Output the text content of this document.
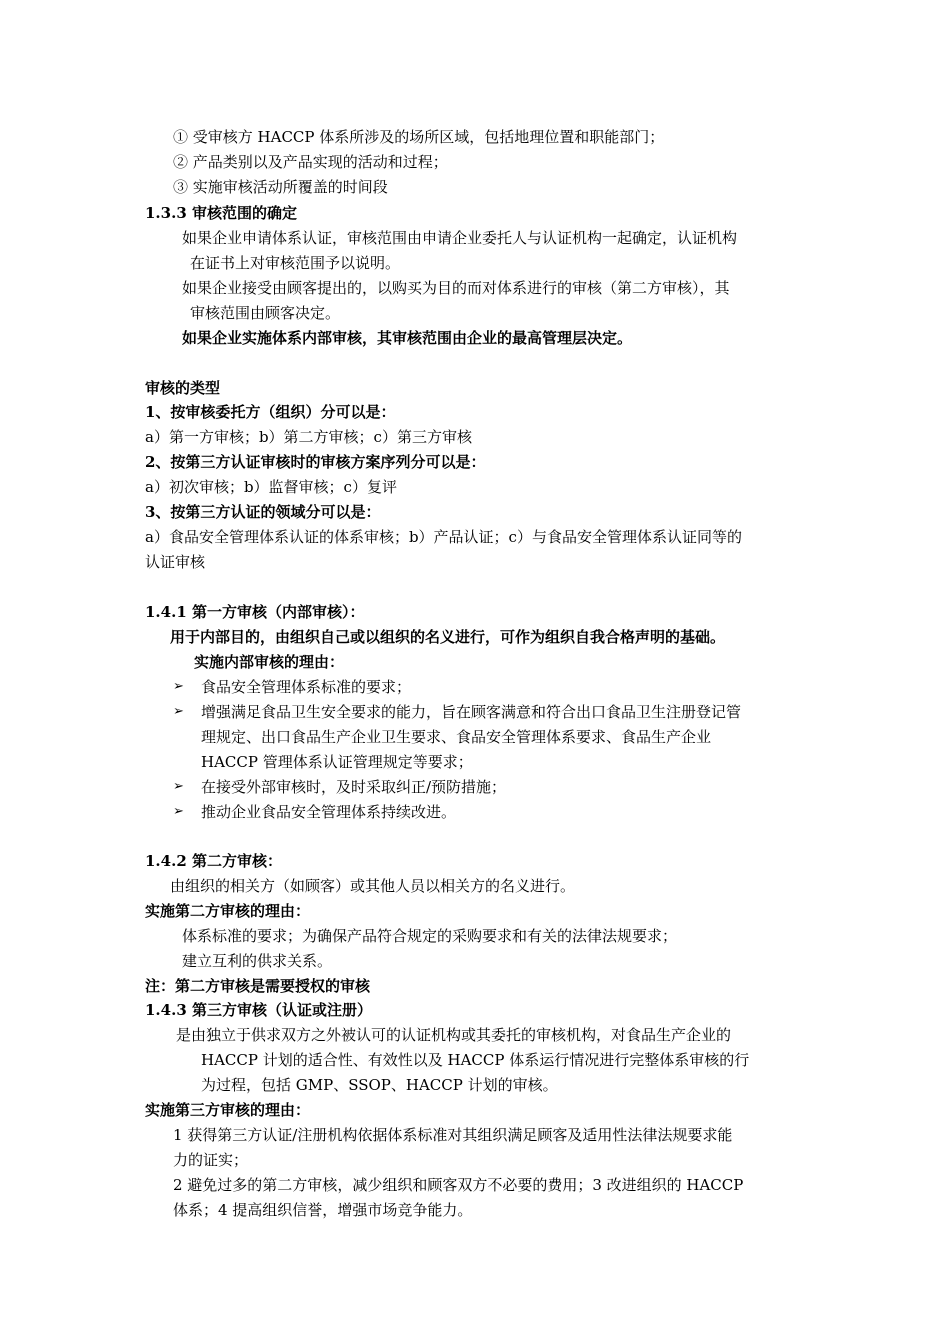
① 受审核方 HACCP 体系所涉及的场所区域，包括地理位置和职能部门；
② 产品类别以及产品实现的活动和过程；
③ 实施审核活动所覆盖的时间段
1.3.3 审核范围的确定
如果企业申请体系认证，审核范围由申请企业委托人与认证机构一起确定，认证机构
在证书上对审核范围予以说明。
如果企业接受由顾客提出的，以购买为目的而对体系进行的审核（第二方审核），其
审核范围由顾客决定。
如果企业实施体系内部审核，其审核范围由企业的最高管理层决定。
审核的类型
1、按审核委托方（组织）分可以是：
a）第一方审核；b）第二方审核；c）第三方审核
2、按第三方认证审核时的审核方案序列分可以是：
a）初次审核；b）监督审核；c）复评
3、按第三方认证的领域分可以是：
a）食品安全管理体系认证的体系审核；b）产品认证；c）与食品安全管理体系认证同等的
认证审核
1.4.1 第一方审核（内部审核）：
用于内部目的，由组织自己或以组织的名义进行，可作为组织自我合格声明的基础。
实施内部审核的理由：
➢ 食品安全管理体系标准的要求；
➢ 增强满足食品卫生安全要求的能力，旨在顾客满意和符合出口食品卫生注册登记管
理规定、出口食品生产企业卫生要求、食品安全管理体系要求、食品生产企业
HACCP 管理体系认证管理规定等要求；
➢ 在接受外部审核时，及时采取纠正/预防措施；
➢ 推动企业食品安全管理体系持续改进。
1.4.2 第二方审核：
由组织的相关方（如顾客）或其他人员以相关方的名义进行。
实施第二方审核的理由：
体系标准的要求；为确保产品符合规定的采购要求和有关的法律法规要求；
建立互利的供求关系。
注：第二方审核是需要授权的审核
1.4.3 第三方审核（认证或注册）
是由独立于供求双方之外被认可的认证机构或其委托的审核机构，对食品生产企业的
HACCP 计划的适合性、有效性以及 HACCP 体系运行情况进行完整体系审核的行
为过程，包括 GMP、SSOP、HACCP 计划的审核。
实施第三方审核的理由：
1 获得第三方认证/注册机构依据体系标准对其组织满足顾客及适用性法律法规要求能
力的证实；
2 避免过多的第二方审核，减少组织和顾客双方不必要的费用；3 改进组织的 HACCP
体系；4 提高组织信誉，增强市场竞争能力。
